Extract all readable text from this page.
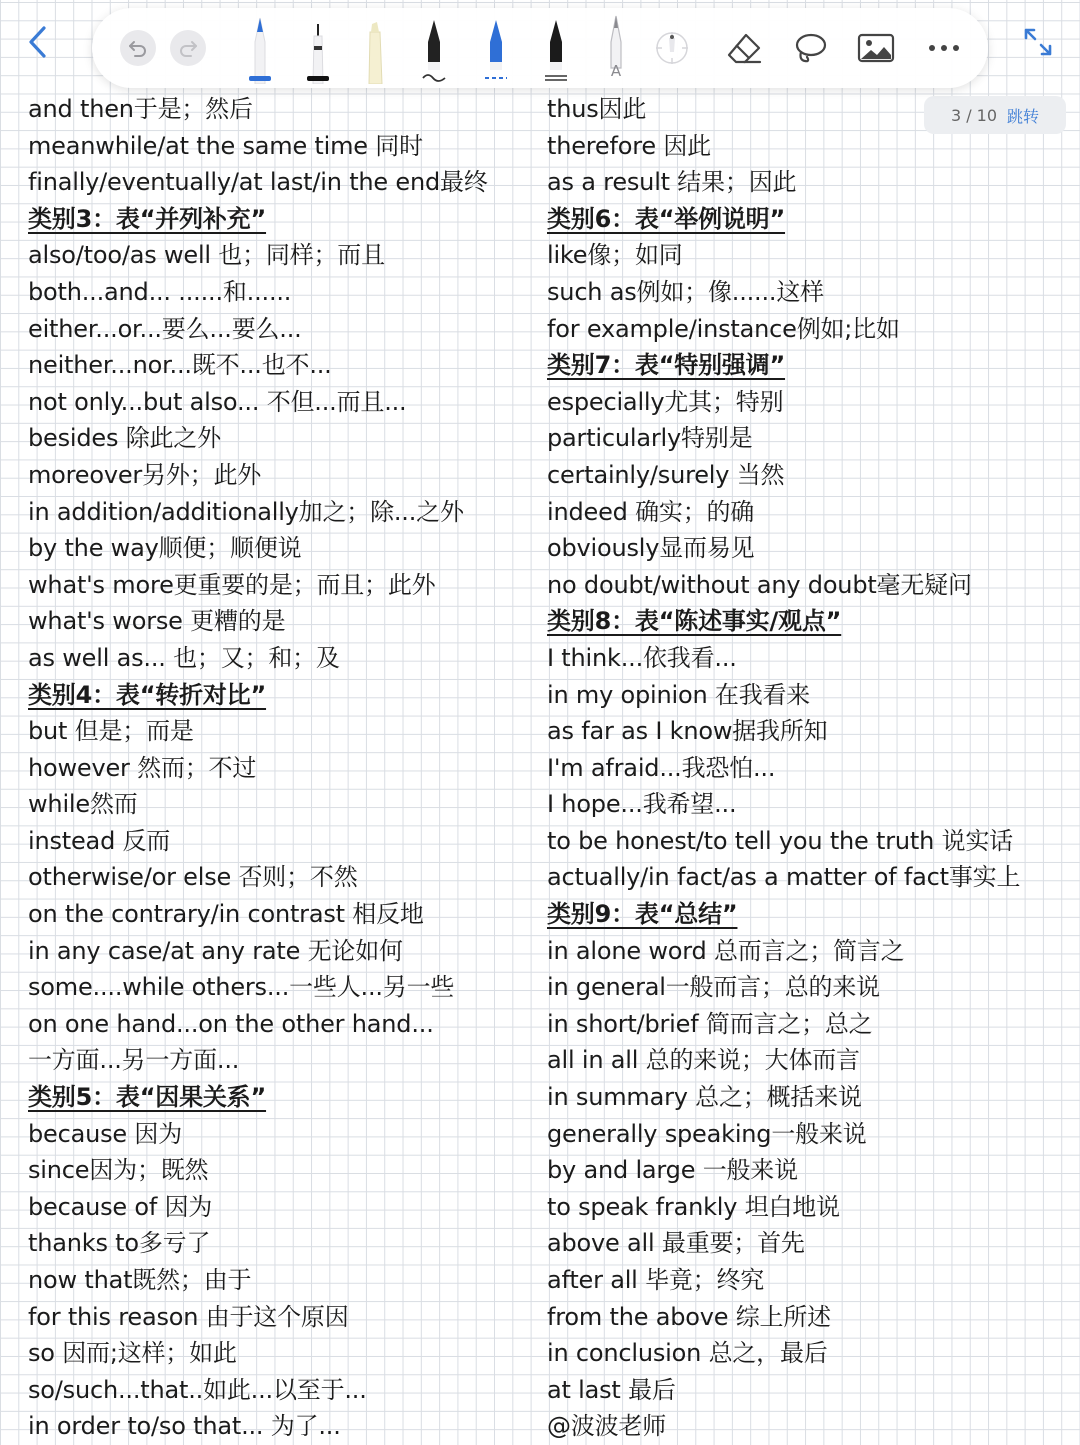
A
3 / 10 跳转
and then于是；然后
meanwhile/at the same time 同时
finally/eventually/at last/in the end最终
类别3：表“并列补充”
also/too/as well 也；同样；而且
both...and... ......和......
either...or...要么...要么...
neither...nor...既不...也不...
not only...but also... 不但...而且...
besides 除此之外
moreover另外；此外
in addition/additionally加之；除...之外
by the way顺便；顺便说
what's more更重要的是；而且；此外
what's worse 更糟的是
as well as... 也；又；和；及
类别4：表“转折对比”
but 但是；而是
however 然而；不过
while然而
instead 反而
otherwise/or else 否则；不然
on the contrary/in contrast 相反地
in any case/at any rate 无论如何
some....while others...一些人...另一些
on one hand...on the other hand...
一方面...另一方面...
类别5：表“因果关系”
because 因为
since因为；既然
because of 因为
thanks to多亏了
now that既然；由于
for this reason 由于这个原因
so 因而;这样；如此
so/such...that..如此...以至于...
in order to/so that... 为了...
thus因此
therefore 因此
as a result 结果；因此
类别6：表“举例说明”
like像；如同
such as例如；像......这样
for example/instance例如;比如
类别7：表“特别强调”
especially尤其；特别
particularly特别是
certainly/surely 当然
indeed 确实；的确
obviously显而易见
no doubt/without any doubt毫无疑问
类别8：表“陈述事实/观点”
I think...依我看...
in my opinion 在我看来
as far as I know据我所知
I'm afraid...我恐怕...
I hope...我希望...
to be honest/to tell you the truth 说实话
actually/in fact/as a matter of fact事实上
类别9：表“总结”
in alone word 总而言之；简言之
in general一般而言；总的来说
in short/brief 简而言之；总之
all in all 总的来说；大体而言
in summary 总之；概括来说
generally speaking一般来说
by and large 一般来说
to speak frankly 坦白地说
above all 最重要；首先
after all 毕竟；终究
from the above 综上所述
in conclusion 总之，最后
at last 最后
@波波老师
